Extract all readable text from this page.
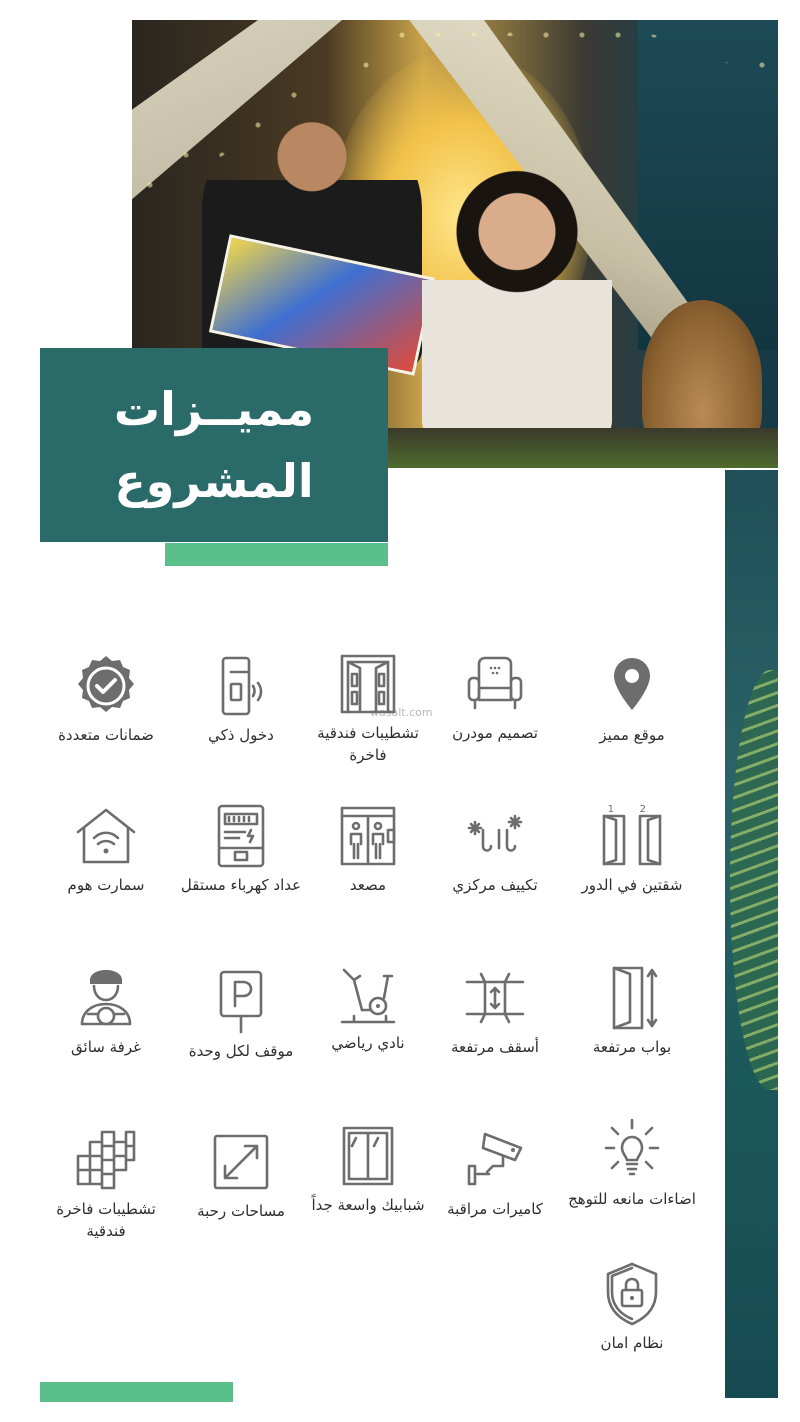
مميــزات
المشروع
wasalt.com
موقع مميز
تصميم مودرن
تشطيبات فندقية فاخرة
دخول ذكي
ضمانات متعددة
1	2
شقتين في الدور
تكييف مركزي
مصعد
عداد كهرباء مستقل
سمارت هوم
بواب مرتفعة
أسقف مرتفعة
نادي رياضي
موقف لكل وحدة
غرفة سائق
اضاءات مانعه للتوهج
كاميرات مراقبة
شبابيك واسعة جداً
مساحات رحبة
تشطيبات فاخرة فندقية
نظام امان
